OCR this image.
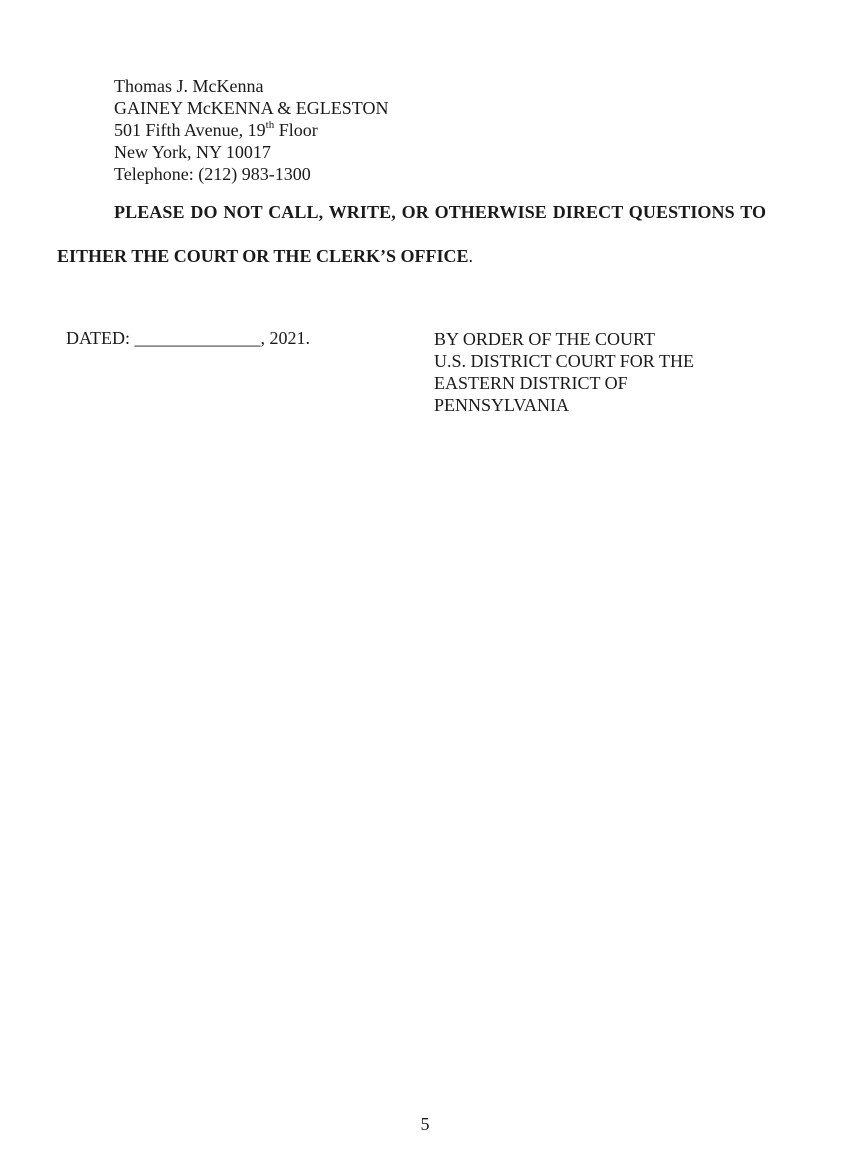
Thomas J. McKenna
GAINEY McKENNA & EGLESTON
501 Fifth Avenue, 19th Floor
New York, NY 10017
Telephone: (212) 983-1300
PLEASE DO NOT CALL, WRITE, OR OTHERWISE DIRECT QUESTIONS TO
EITHER THE COURT OR THE CLERK’S OFFICE.
DATED: ______________, 2021.	BY ORDER OF THE COURT
U.S. DISTRICT COURT FOR THE
EASTERN DISTRICT OF
PENNSYLVANIA
5
